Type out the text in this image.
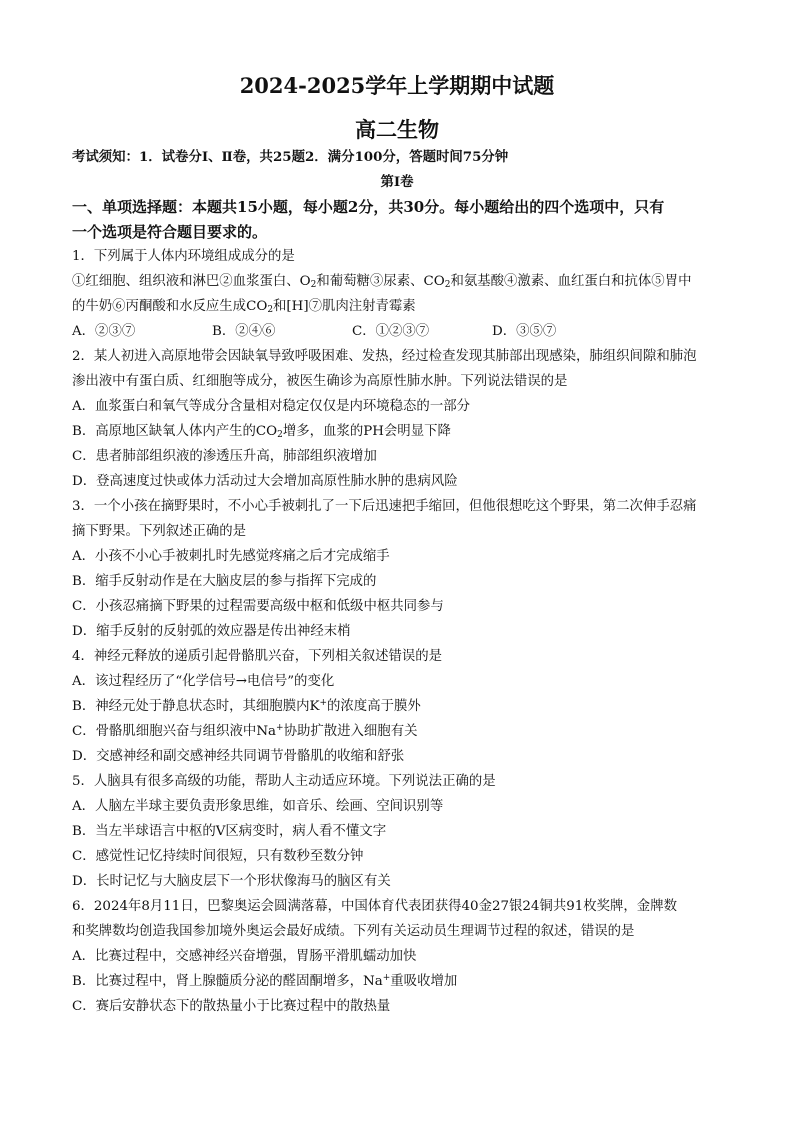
2024-2025学年上学期期中试题
高二生物
考试须知：1．试卷分Ⅰ、Ⅱ卷，共25题2．满分100分，答题时间75分钟
第Ⅰ卷
一、单项选择题：本题共15小题，每小题2分，共30分。每小题给出的四个选项中，只有
一个选项是符合题目要求的。
1．下列属于人体内环境组成成分的是
①红细胞、组织液和淋巴②血浆蛋白、$O_2$和葡萄糖③尿素、$CO_2$和氨基酸④激素、血红蛋白和抗体⑤胃中
的牛奶⑥丙酮酸和水反应生成$CO_2$和[H]⑦肌肉注射青霉素
A．②③⑦	B．②④⑥	C．①②③⑦	D．③⑤⑦
2．某人初进入高原地带会因缺氧导致呼吸困难、发热，经过检查发现其肺部出现感染，肺组织间隙和肺泡
渗出液中有蛋白质、红细胞等成分，被医生确诊为高原性肺水肿。下列说法错误的是
A．血浆蛋白和氧气等成分含量相对稳定仅仅是内环境稳态的一部分
B．高原地区缺氧人体内产生的$CO_2$增多，血浆的PH会明显下降
C．患者肺部组织液的渗透压升高，肺部组织液增加
D．登高速度过快或体力活动过大会增加高原性肺水肿的患病风险
3．一个小孩在摘野果时，不小心手被刺扎了一下后迅速把手缩回，但他很想吃这个野果，第二次伸手忍痛
摘下野果。下列叙述正确的是
A．小孩不小心手被刺扎时先感觉疼痛之后才完成缩手
B．缩手反射动作是在大脑皮层的参与指挥下完成的
C．小孩忍痛摘下野果的过程需要高级中枢和低级中枢共同参与
D．缩手反射的反射弧的效应器是传出神经末梢
4．神经元释放的递质引起骨骼肌兴奋，下列相关叙述错误的是
A．该过程经历了“化学信号→电信号”的变化
B．神经元处于静息状态时，其细胞膜内K+的浓度高于膜外
C．骨骼肌细胞兴奋与组织液中Na+协助扩散进入细胞有关
D．交感神经和副交感神经共同调节骨骼肌的收缩和舒张
5．人脑具有很多高级的功能，帮助人主动适应环境。下列说法正确的是
A．人脑左半球主要负责形象思维，如音乐、绘画、空间识别等
B．当左半球语言中枢的V区病变时，病人看不懂文字
C．感觉性记忆持续时间很短，只有数秒至数分钟
D．长时记忆与大脑皮层下一个形状像海马的脑区有关
6．2024年8月11日，巴黎奥运会圆满落幕，中国体育代表团获得40金27银24铜共91枚奖牌，金牌数
和奖牌数均创造我国参加境外奥运会最好成绩。下列有关运动员生理调节过程的叙述，错误的是
A．比赛过程中，交感神经兴奋增强，胃肠平滑肌蠕动加快
B．比赛过程中，肾上腺髓质分泌的醛固酮增多，Na+重吸收增加
C．赛后安静状态下的散热量小于比赛过程中的散热量
